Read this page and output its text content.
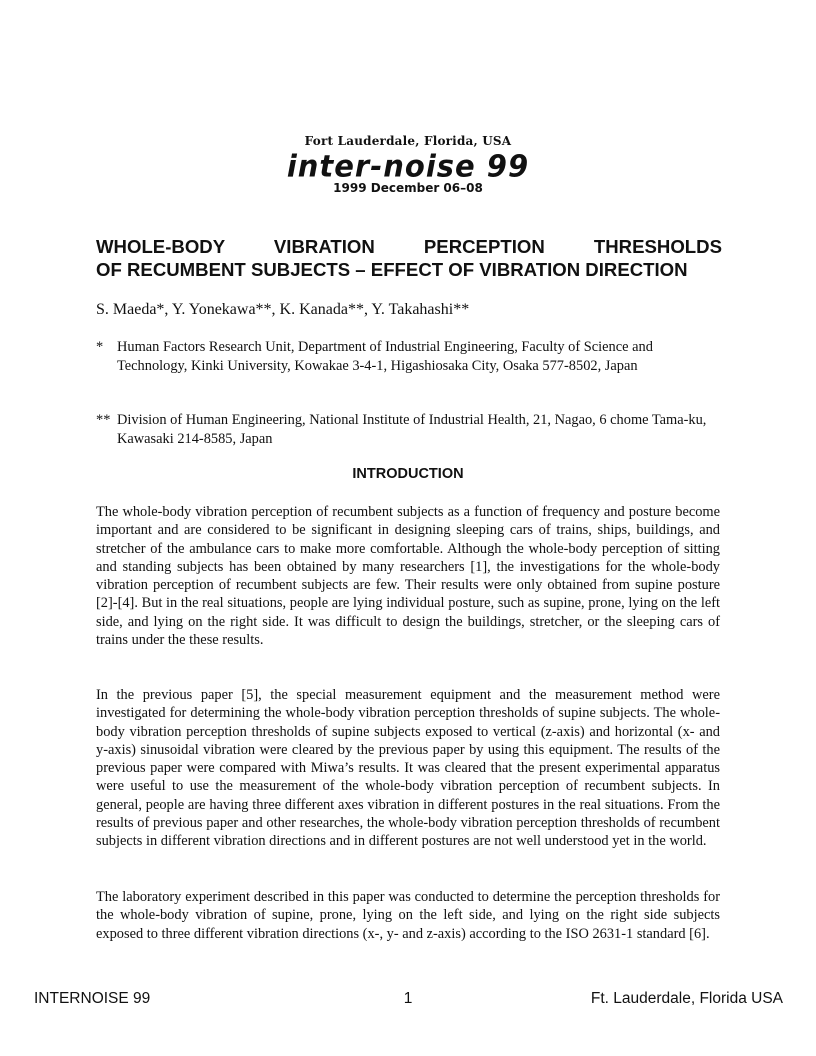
Fort Lauderdale, Florida, USA
inter-noise 99
1999 December 06–08
WHOLE-BODY VIBRATION PERCEPTION THRESHOLDS
OF RECUMBENT SUBJECTS – EFFECT OF VIBRATION DIRECTION
S. Maeda*, Y. Yonekawa**, K. Kanada**, Y. Takahashi**
* Human Factors Research Unit, Department of Industrial Engineering, Faculty of Science and Technology, Kinki University, Kowakae 3-4-1, Higashiosaka City, Osaka 577-8502, Japan
** Division of Human Engineering, National Institute of Industrial Health, 21, Nagao, 6 chome Tama-ku, Kawasaki 214-8585, Japan
INTRODUCTION

The whole-body vibration perception of recumbent subjects as a function of frequency and posture become important and are considered to be significant in designing sleeping cars of trains, ships, buildings, and stretcher of the ambulance cars to make more comfortable. Although the whole-body perception of sitting and standing subjects has been obtained by many researchers [1], the investigations for the whole-body vibration perception of recumbent subjects are few. Their results were only obtained from supine posture [2]-[4]. But in the real situations, people are lying individual posture, such as supine, prone, lying on the left side, and lying on the right side. It was difficult to design the buildings, stretcher, or the sleeping cars of trains under the these results.

In the previous paper [5], the special measurement equipment and the measurement method were investigated for determining the whole-body vibration perception thresholds of supine subjects. The whole-body vibration perception thresholds of supine subjects exposed to vertical (z-axis) and horizontal (x- and y-axis) sinusoidal vibration were cleared by the previous paper by using this equipment. The results of the previous paper were compared with Miwa’s results. It was cleared that the present experimental apparatus were useful to use the measurement of the whole-body vibration perception of recumbent subjects. In general, people are having three different axes vibration in different postures in the real situations. From the results of previous paper and other researches, the whole-body vibration perception thresholds of recumbent subjects in different vibration directions and in different postures are not well understood yet in the world.

The laboratory experiment described in this paper was conducted to determine the perception thresholds for the whole-body vibration of supine, prone, lying on the left side, and lying on the right side subjects exposed to three different vibration directions (x-, y- and z-axis) according to the ISO 2631-1 standard [6].

INTERNOISE 99	1	Ft. Lauderdale, Florida USA
